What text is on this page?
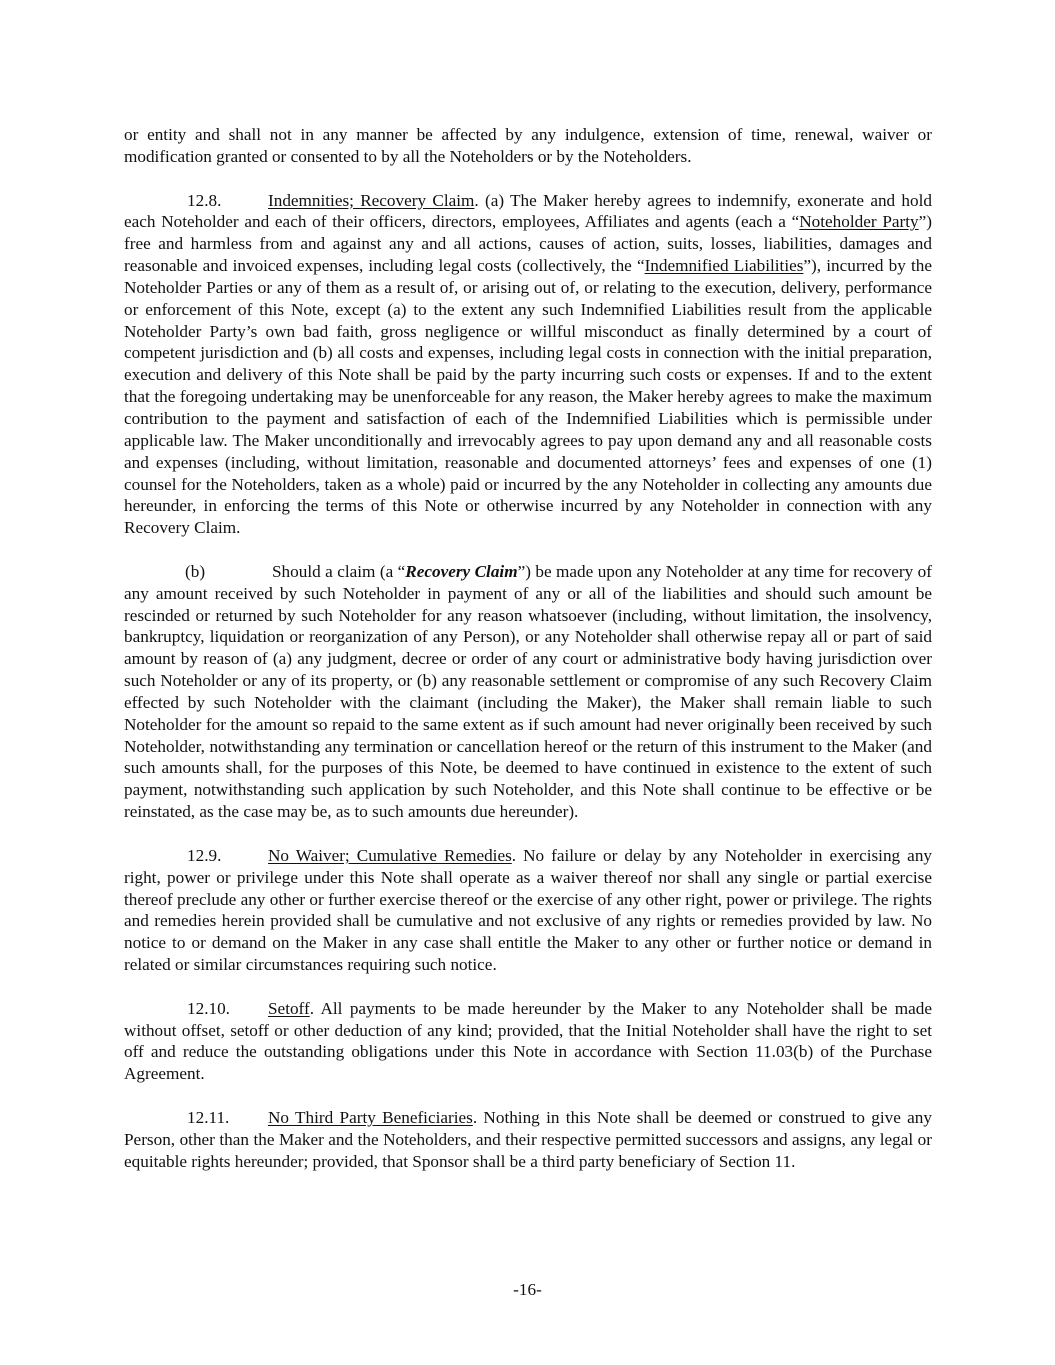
or entity and shall not in any manner be affected by any indulgence, extension of time, renewal, waiver or modification granted or consented to by all the Noteholders or by the Noteholders.

12.8.	Indemnities; Recovery Claim. (a) The Maker hereby agrees to indemnify, exonerate and hold each Noteholder and each of their officers, directors, employees, Affiliates and agents (each a “Noteholder Party”) free and harmless from and against any and all actions, causes of action, suits, losses, liabilities, damages and reasonable and invoiced expenses, including legal costs (collectively, the “Indemnified Liabilities”), incurred by the Noteholder Parties or any of them as a result of, or arising out of, or relating to the execution, delivery, performance or enforcement of this Note, except (a) to the extent any such Indemnified Liabilities result from the applicable Noteholder Party’s own bad faith, gross negligence or willful misconduct as finally determined by a court of competent jurisdiction and (b) all costs and expenses, including legal costs in connection with the initial preparation, execution and delivery of this Note shall be paid by the party incurring such costs or expenses. If and to the extent that the foregoing undertaking may be unenforceable for any reason, the Maker hereby agrees to make the maximum contribution to the payment and satisfaction of each of the Indemnified Liabilities which is permissible under applicable law. The Maker unconditionally and irrevocably agrees to pay upon demand any and all reasonable costs and expenses (including, without limitation, reasonable and documented attorneys’ fees and expenses of one (1) counsel for the Noteholders, taken as a whole) paid or incurred by the any Noteholder in collecting any amounts due hereunder, in enforcing the terms of this Note or otherwise incurred by any Noteholder in connection with any Recovery Claim.

(b)	Should a claim (a “Recovery Claim”) be made upon any Noteholder at any time for recovery of any amount received by such Noteholder in payment of any or all of the liabilities and should such amount be rescinded or returned by such Noteholder for any reason whatsoever (including, without limitation, the insolvency, bankruptcy, liquidation or reorganization of any Person), or any Noteholder shall otherwise repay all or part of said amount by reason of (a) any judgment, decree or order of any court or administrative body having jurisdiction over such Noteholder or any of its property, or (b) any reasonable settlement or compromise of any such Recovery Claim effected by such Noteholder with the claimant (including the Maker), the Maker shall remain liable to such Noteholder for the amount so repaid to the same extent as if such amount had never originally been received by such Noteholder, notwithstanding any termination or cancellation hereof or the return of this instrument to the Maker (and such amounts shall, for the purposes of this Note, be deemed to have continued in existence to the extent of such payment, notwithstanding such application by such Noteholder, and this Note shall continue to be effective or be reinstated, as the case may be, as to such amounts due hereunder).

12.9.	No Waiver; Cumulative Remedies. No failure or delay by any Noteholder in exercising any right, power or privilege under this Note shall operate as a waiver thereof nor shall any single or partial exercise thereof preclude any other or further exercise thereof or the exercise of any other right, power or privilege. The rights and remedies herein provided shall be cumulative and not exclusive of any rights or remedies provided by law. No notice to or demand on the Maker in any case shall entitle the Maker to any other or further notice or demand in related or similar circumstances requiring such notice.

12.10. Setoff. All payments to be made hereunder by the Maker to any Noteholder shall be made without offset, setoff or other deduction of any kind; provided, that the Initial Noteholder shall have the right to set off and reduce the outstanding obligations under this Note in accordance with Section 11.03(b) of the Purchase Agreement.

12.11. No Third Party Beneficiaries. Nothing in this Note shall be deemed or construed to give any Person, other than the Maker and the Noteholders, and their respective permitted successors and assigns, any legal or equitable rights hereunder; provided, that Sponsor shall be a third party beneficiary of Section 11.

-16-
